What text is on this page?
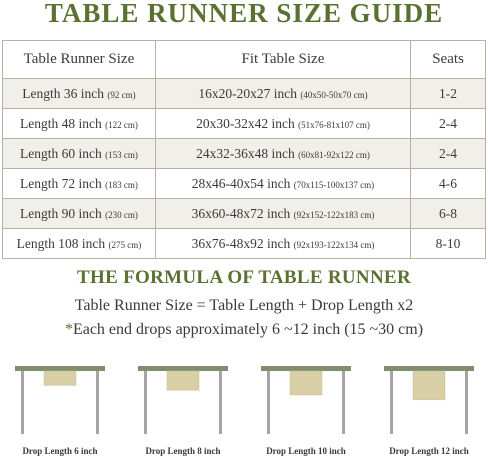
TABLE RUNNER SIZE GUIDE
Table Runner Size	Fit Table Size	Seats
Length 36 inch (92 cm)	16x20-20x27 inch (40x50-50x70 cm)	1-2
Length 48 inch (122 cm)	20x30-32x42 inch (51x76-81x107 cm)	2-4
Length 60 inch (153 cm)	24x32-36x48 inch (60x81-92x122 cm)	2-4
Length 72 inch (183 cm)	28x46-40x54 inch (70x115-100x137 cm)	4-6
Length 90 inch (230 cm)	36x60-48x72 inch (92x152-122x183 cm)	6-8
Length 108 inch (275 cm)	36x76-48x92 inch (92x193-122x134 cm)	8-10
THE FORMULA OF TABLE RUNNER
Table Runner Size = Table Length + Drop Length x2
*Each end drops approximately 6 ~12 inch (15 ~30 cm)
Drop Length 6 inch	Drop Length 8 inch	Drop Length 10 inch	Drop Length 12 inch
